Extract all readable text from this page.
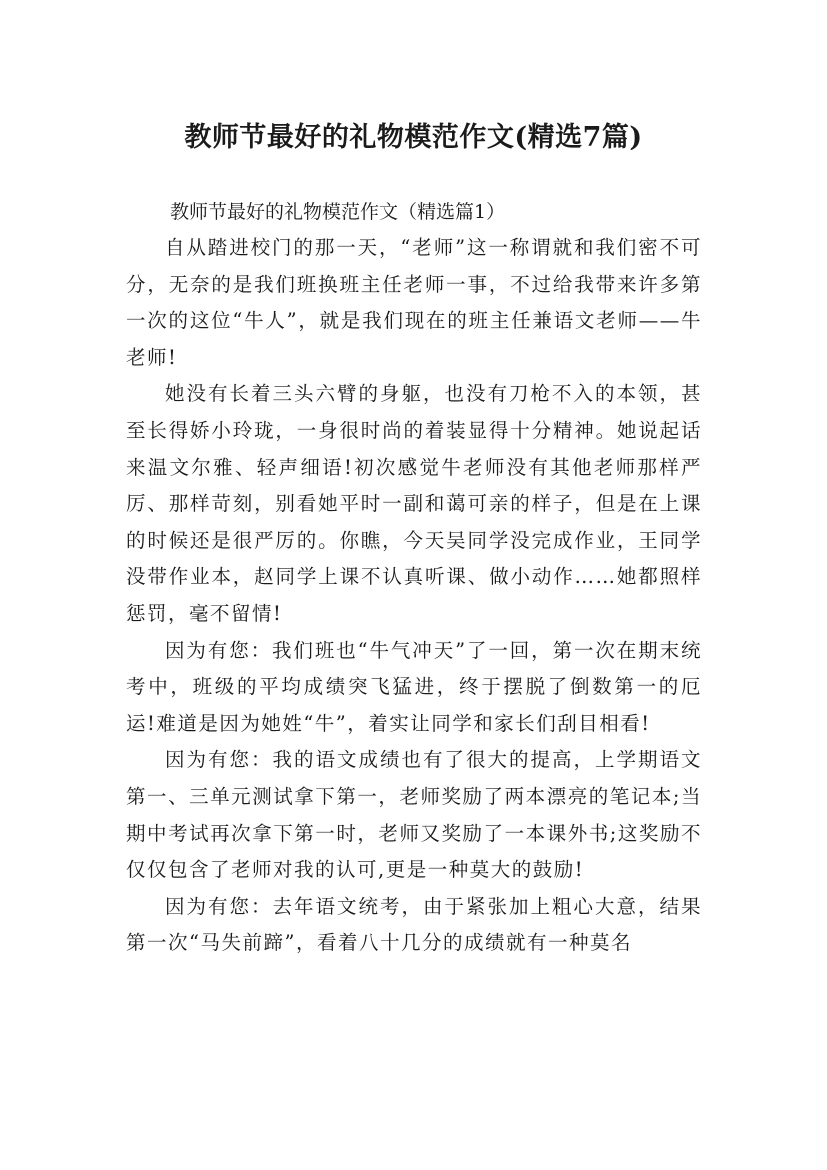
教师节最好的礼物模范作文(精选7篇)

教师节最好的礼物模范作文（精选篇1）

自从踏进校门的那一天，“老师”这一称谓就和我们密不可分，无奈的是我们班换班主任老师一事，不过给我带来许多第一次的这位“牛人”，就是我们现在的班主任兼语文老师——牛老师!

她没有长着三头六臂的身躯，也没有刀枪不入的本领，甚至长得娇小玲珑，一身很时尚的着装显得十分精神。她说起话来温文尔雅、轻声细语!初次感觉牛老师没有其他老师那样严厉、那样苛刻，别看她平时一副和蔼可亲的样子，但是在上课的时候还是很严厉的。你瞧，今天吴同学没完成作业，王同学没带作业本，赵同学上课不认真听课、做小动作……她都照样惩罚，毫不留情!

因为有您：我们班也“牛气冲天”了一回，第一次在期末统考中，班级的平均成绩突飞猛进，终于摆脱了倒数第一的厄运!难道是因为她姓“牛”，着实让同学和家长们刮目相看!

因为有您：我的语文成绩也有了很大的提高，上学期语文第一、三单元测试拿下第一，老师奖励了两本漂亮的笔记本;当期中考试再次拿下第一时，老师又奖励了一本课外书;这奖励不仅仅包含了老师对我的认可,更是一种莫大的鼓励!

因为有您：去年语文统考，由于紧张加上粗心大意，结果第一次“马失前蹄”，看着八十几分的成绩就有一种莫名
